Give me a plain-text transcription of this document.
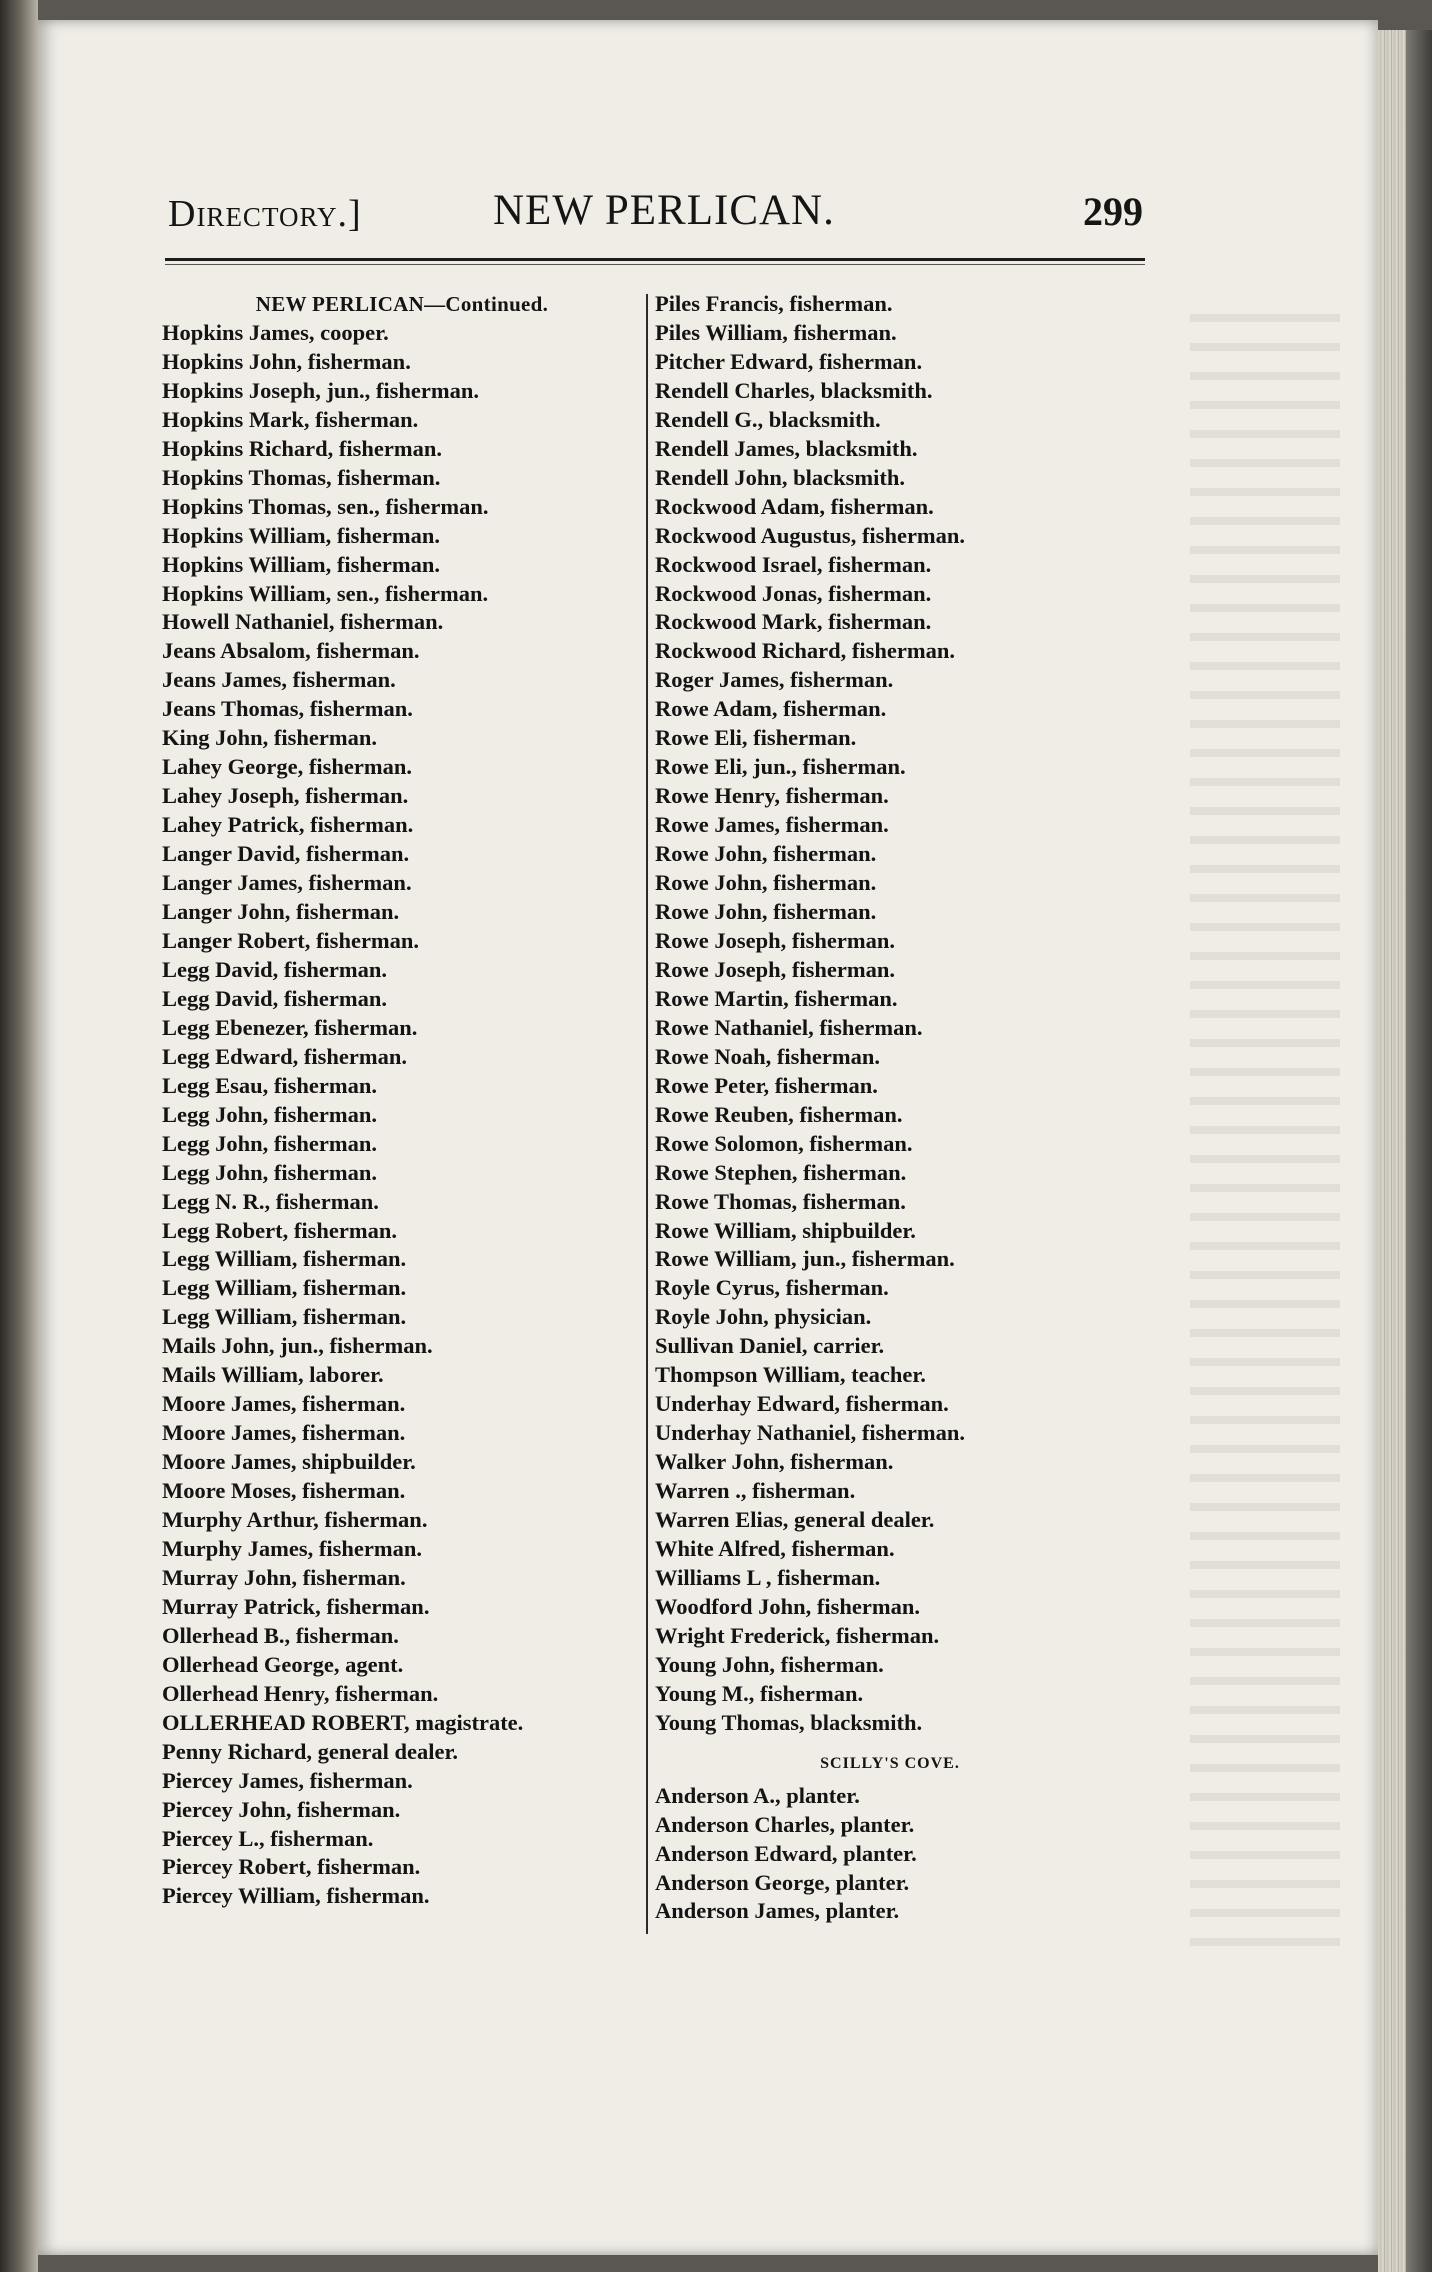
Directory.]	NEW PERLICAN.	299
NEW PERLICAN—Continued.
Hopkins James, cooper.
Hopkins John, fisherman.
Hopkins Joseph, jun., fisherman.
Hopkins Mark, fisherman.
Hopkins Richard, fisherman.
Hopkins Thomas, fisherman.
Hopkins Thomas, sen., fisherman.
Hopkins William, fisherman.
Hopkins William, fisherman.
Hopkins William, sen., fisherman.
Howell Nathaniel, fisherman.
Jeans Absalom, fisherman.
Jeans James, fisherman.
Jeans Thomas, fisherman.
King John, fisherman.
Lahey George, fisherman.
Lahey Joseph, fisherman.
Lahey Patrick, fisherman.
Langer David, fisherman.
Langer James, fisherman.
Langer John, fisherman.
Langer Robert, fisherman.
Legg David, fisherman.
Legg David, fisherman.
Legg Ebenezer, fisherman.
Legg Edward, fisherman.
Legg Esau, fisherman.
Legg John, fisherman.
Legg John, fisherman.
Legg John, fisherman.
Legg N. R., fisherman.
Legg Robert, fisherman.
Legg William, fisherman.
Legg William, fisherman.
Legg William, fisherman.
Mails John, jun., fisherman.
Mails William, laborer.
Moore James, fisherman.
Moore James, fisherman.
Moore James, shipbuilder.
Moore Moses, fisherman.
Murphy Arthur, fisherman.
Murphy James, fisherman.
Murray John, fisherman.
Murray Patrick, fisherman.
Ollerhead B., fisherman.
Ollerhead George, agent.
Ollerhead Henry, fisherman.
OLLERHEAD ROBERT, magistrate.
Penny Richard, general dealer.
Piercey James, fisherman.
Piercey John, fisherman.
Piercey L., fisherman.
Piercey Robert, fisherman.
Piercey William, fisherman.
Piles Francis, fisherman.
Piles William, fisherman.
Pitcher Edward, fisherman.
Rendell Charles, blacksmith.
Rendell G., blacksmith.
Rendell James, blacksmith.
Rendell John, blacksmith.
Rockwood Adam, fisherman.
Rockwood Augustus, fisherman.
Rockwood Israel, fisherman.
Rockwood Jonas, fisherman.
Rockwood Mark, fisherman.
Rockwood Richard, fisherman.
Roger James, fisherman.
Rowe Adam, fisherman.
Rowe Eli, fisherman.
Rowe Eli, jun., fisherman.
Rowe Henry, fisherman.
Rowe James, fisherman.
Rowe John, fisherman.
Rowe John, fisherman.
Rowe John, fisherman.
Rowe Joseph, fisherman.
Rowe Joseph, fisherman.
Rowe Martin, fisherman.
Rowe Nathaniel, fisherman.
Rowe Noah, fisherman.
Rowe Peter, fisherman.
Rowe Reuben, fisherman.
Rowe Solomon, fisherman.
Rowe Stephen, fisherman.
Rowe Thomas, fisherman.
Rowe William, shipbuilder.
Rowe William, jun., fisherman.
Royle Cyrus, fisherman.
Royle John, physician.
Sullivan Daniel, carrier.
Thompson William, teacher.
Underhay Edward, fisherman.
Underhay Nathaniel, fisherman.
Walker John, fisherman.
Warren ., fisherman.
Warren Elias, general dealer.
White Alfred, fisherman.
Williams L , fisherman.
Woodford John, fisherman.
Wright Frederick, fisherman.
Young John, fisherman.
Young M., fisherman.
Young Thomas, blacksmith.
SCILLY'S COVE.
Anderson A., planter.
Anderson Charles, planter.
Anderson Edward, planter.
Anderson George, planter.
Anderson James, planter.
